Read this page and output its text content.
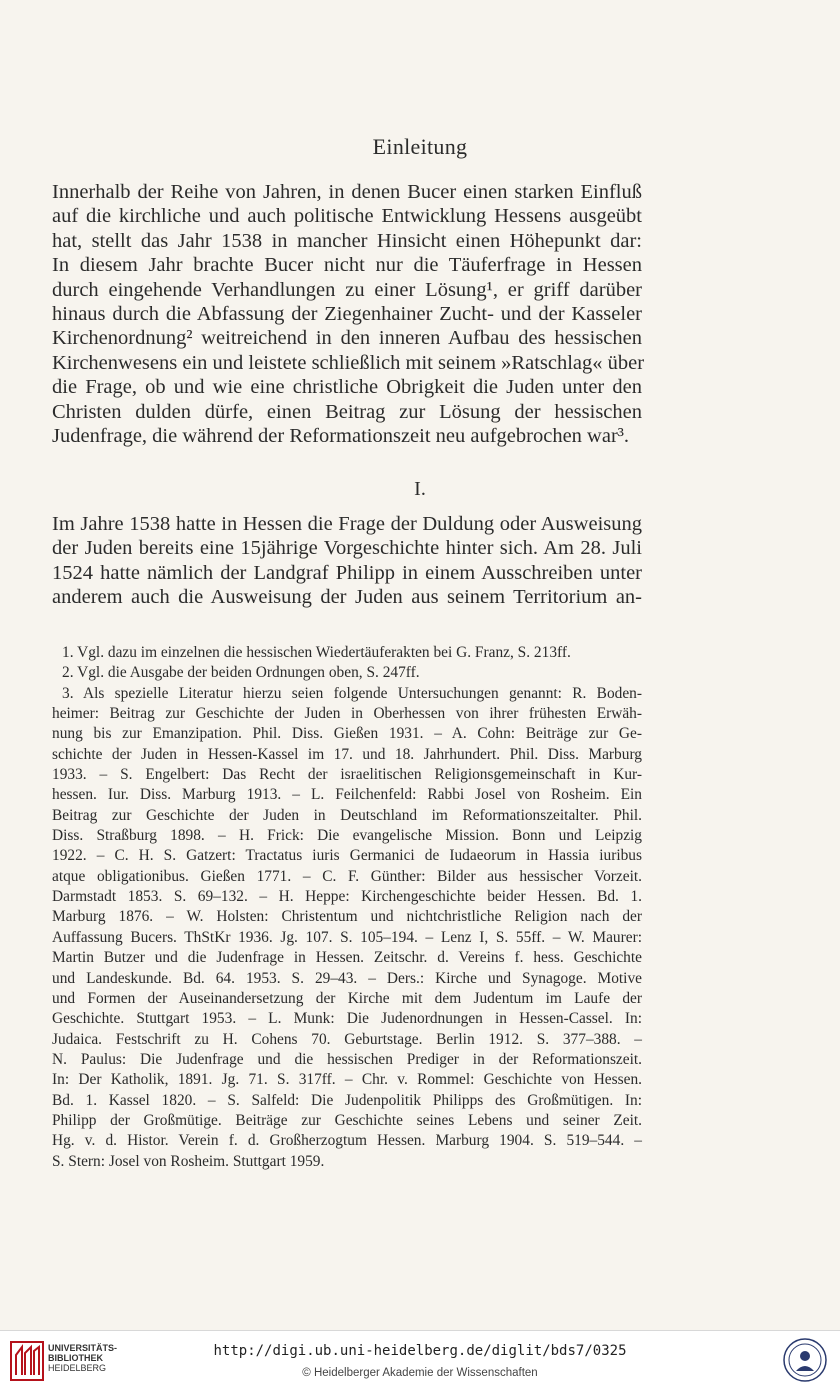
Einleitung
Innerhalb der Reihe von Jahren, in denen Bucer einen starken Einfluß
auf die kirchliche und auch politische Entwicklung Hessens ausgeübt
hat, stellt das Jahr 1538 in mancher Hinsicht einen Höhepunkt dar:
In diesem Jahr brachte Bucer nicht nur die Täuferfrage in Hessen
durch eingehende Verhandlungen zu einer Lösung¹, er griff darüber
hinaus durch die Abfassung der Ziegenhainer Zucht- und der Kasseler
Kirchenordnung² weitreichend in den inneren Aufbau des hessischen
Kirchenwesens ein und leistete schließlich mit seinem »Ratschlag« über
die Frage, ob und wie eine christliche Obrigkeit die Juden unter den
Christen dulden dürfe, einen Beitrag zur Lösung der hessischen
Judenfrage, die während der Reformationszeit neu aufgebrochen war³.
I.
Im Jahre 1538 hatte in Hessen die Frage der Duldung oder Ausweisung
der Juden bereits eine 15jährige Vorgeschichte hinter sich. Am 28. Juli
1524 hatte nämlich der Landgraf Philipp in einem Ausschreiben unter
anderem auch die Ausweisung der Juden aus seinem Territorium an-
1. Vgl. dazu im einzelnen die hessischen Wiedertäuferakten bei G. Franz, S. 213ff.
2. Vgl. die Ausgabe der beiden Ordnungen oben, S. 247ff.
3. Als spezielle Literatur hierzu seien folgende Untersuchungen genannt: R. Boden-
heimer: Beitrag zur Geschichte der Juden in Oberhessen von ihrer frühesten Erwäh-
nung bis zur Emanzipation. Phil. Diss. Gießen 1931. – A. Cohn: Beiträge zur Ge-
schichte der Juden in Hessen-Kassel im 17. und 18. Jahrhundert. Phil. Diss. Marburg
1933. – S. Engelbert: Das Recht der israelitischen Religionsgemeinschaft in Kur-
hessen. Iur. Diss. Marburg 1913. – L. Feilchenfeld: Rabbi Josel von Rosheim. Ein
Beitrag zur Geschichte der Juden in Deutschland im Reformationszeitalter. Phil.
Diss. Straßburg 1898. – H. Frick: Die evangelische Mission. Bonn und Leipzig
1922. – C. H. S. Gatzert: Tractatus iuris Germanici de Iudaeorum in Hassia iuribus
atque obligationibus. Gießen 1771. – C. F. Günther: Bilder aus hessischer Vorzeit.
Darmstadt 1853. S. 69–132. – H. Heppe: Kirchengeschichte beider Hessen. Bd. 1.
Marburg 1876. – W. Holsten: Christentum und nichtchristliche Religion nach der
Auffassung Bucers. ThStKr 1936. Jg. 107. S. 105–194. – Lenz I, S. 55ff. – W. Maurer:
Martin Butzer und die Judenfrage in Hessen. Zeitschr. d. Vereins f. hess. Geschichte
und Landeskunde. Bd. 64. 1953. S. 29–43. – Ders.: Kirche und Synagoge. Motive
und Formen der Auseinandersetzung der Kirche mit dem Judentum im Laufe der
Geschichte. Stuttgart 1953. – L. Munk: Die Judenordnungen in Hessen-Cassel. In:
Judaica. Festschrift zu H. Cohens 70. Geburtstage. Berlin 1912. S. 377–388. –
N. Paulus: Die Judenfrage und die hessischen Prediger in der Reformationszeit.
In: Der Katholik, 1891. Jg. 71. S. 317ff. – Chr. v. Rommel: Geschichte von Hessen.
Bd. 1. Kassel 1820. – S. Salfeld: Die Judenpolitik Philipps des Großmütigen. In:
Philipp der Großmütige. Beiträge zur Geschichte seines Lebens und seiner Zeit.
Hg. v. d. Histor. Verein f. d. Großherzogtum Hessen. Marburg 1904. S. 519–544. –
S. Stern: Josel von Rosheim. Stuttgart 1959.
UNIVERSITÄTS-
BIBLIOTHEK
HEIDELBERG
http://digi.ub.uni-heidelberg.de/diglit/bds7/0325
© Heidelberger Akademie der Wissenschaften
